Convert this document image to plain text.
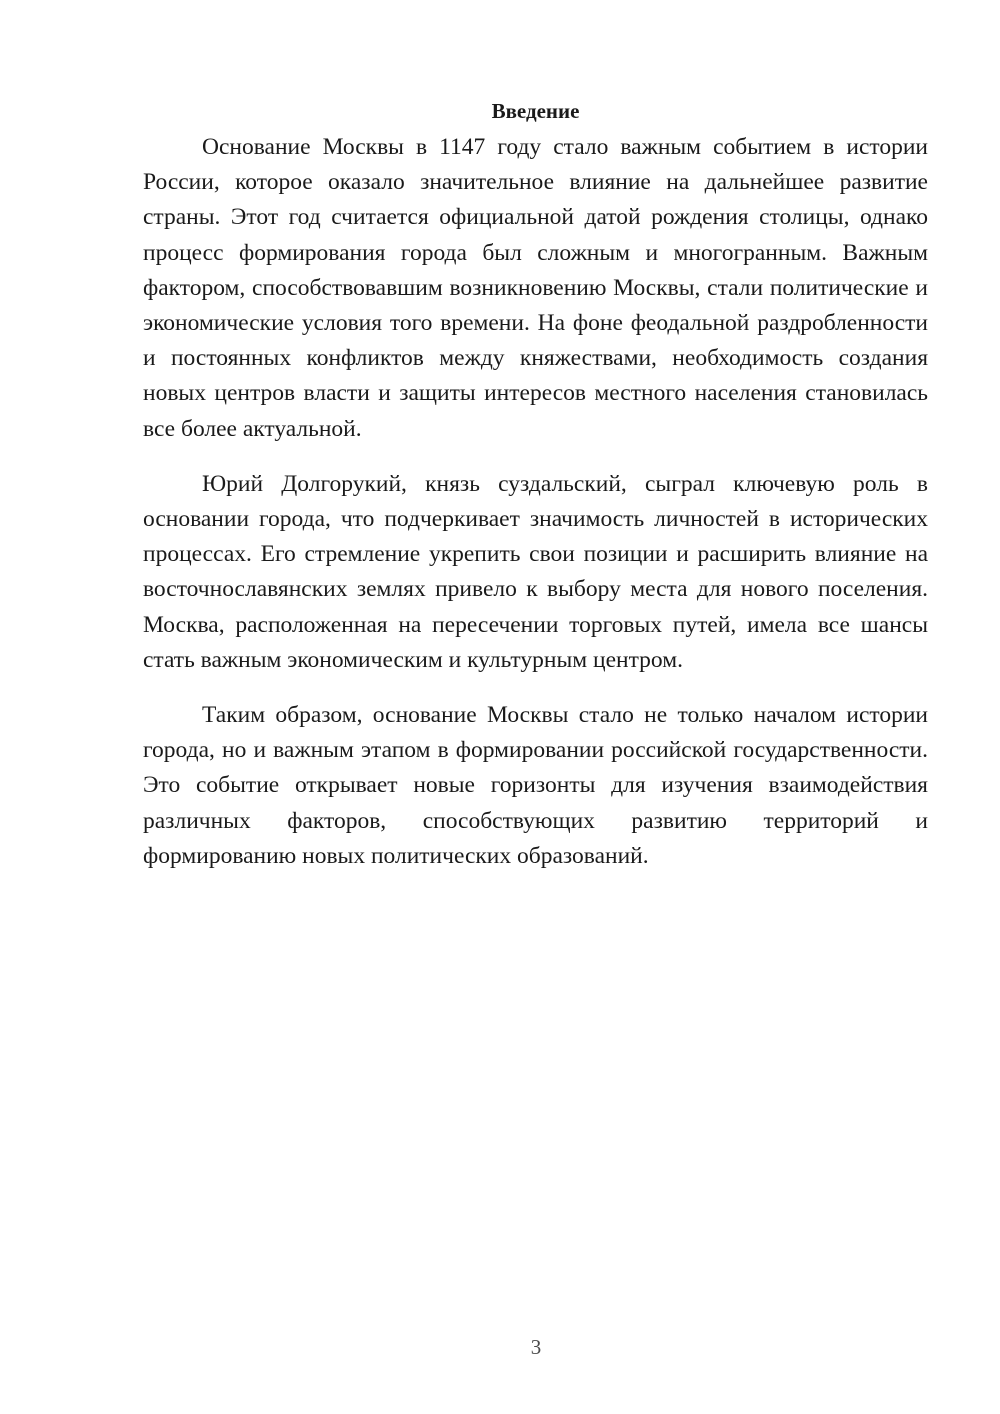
Введение

Основание Москвы в 1147 году стало важным событием в истории России, которое оказало значительное влияние на дальнейшее развитие страны. Этот год считается официальной датой рождения столицы, однако процесс формирования города был сложным и многогранным. Важным фактором, способствовавшим возникновению Москвы, стали политические и экономические условия того времени. На фоне феодальной раздробленности и постоянных конфликтов между княжествами, необходимость создания новых центров власти и защиты интересов местного населения становилась все более актуальной.

Юрий Долгорукий, князь суздальский, сыграл ключевую роль в основании города, что подчеркивает значимость личностей в исторических процессах. Его стремление укрепить свои позиции и расширить влияние на восточнославянских землях привело к выбору места для нового поселения. Москва, расположенная на пересечении торговых путей, имела все шансы стать важным экономическим и культурным центром.

Таким образом, основание Москвы стало не только началом истории города, но и важным этапом в формировании российской государственности. Это событие открывает новые горизонты для изучения взаимодействия различных факторов, способствующих развитию территорий и формированию новых политических образований.

3
